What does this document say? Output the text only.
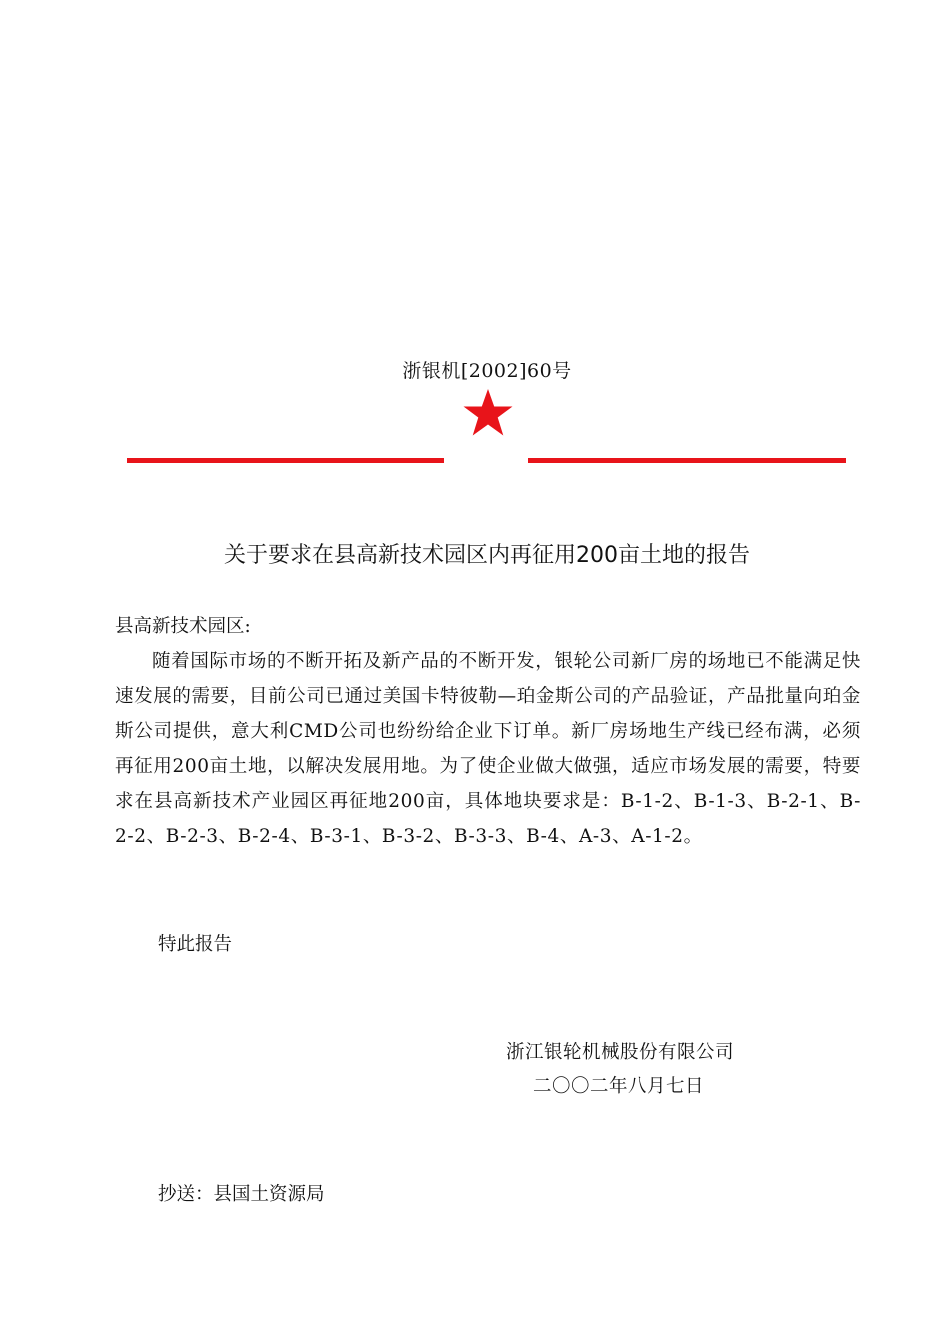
浙银机[2002]60号
关于要求在县高新技术园区内再征用200亩土地的报告
县高新技术园区:
随着国际市场的不断开拓及新产品的不断开发，银轮公司新厂房的场地已不能满足快速发展的需要，目前公司已通过美国卡特彼勒—珀金斯公司的产品验证，产品批量向珀金斯公司提供，意大利CMD公司也纷纷给企业下订单。新厂房场地生产线已经布满，必须再征用200亩土地，以解决发展用地。为了使企业做大做强，适应市场发展的需要，特要求在县高新技术产业园区再征地200亩，具体地块要求是：B-1-2、B-1-3、B-2-1、B-2-2、B-2-3、B-2-4、B-3-1、B-3-2、B-3-3、B-4、A-3、A-1-2。
特此报告
浙江银轮机械股份有限公司
二〇〇二年八月七日
抄送：县国土资源局
